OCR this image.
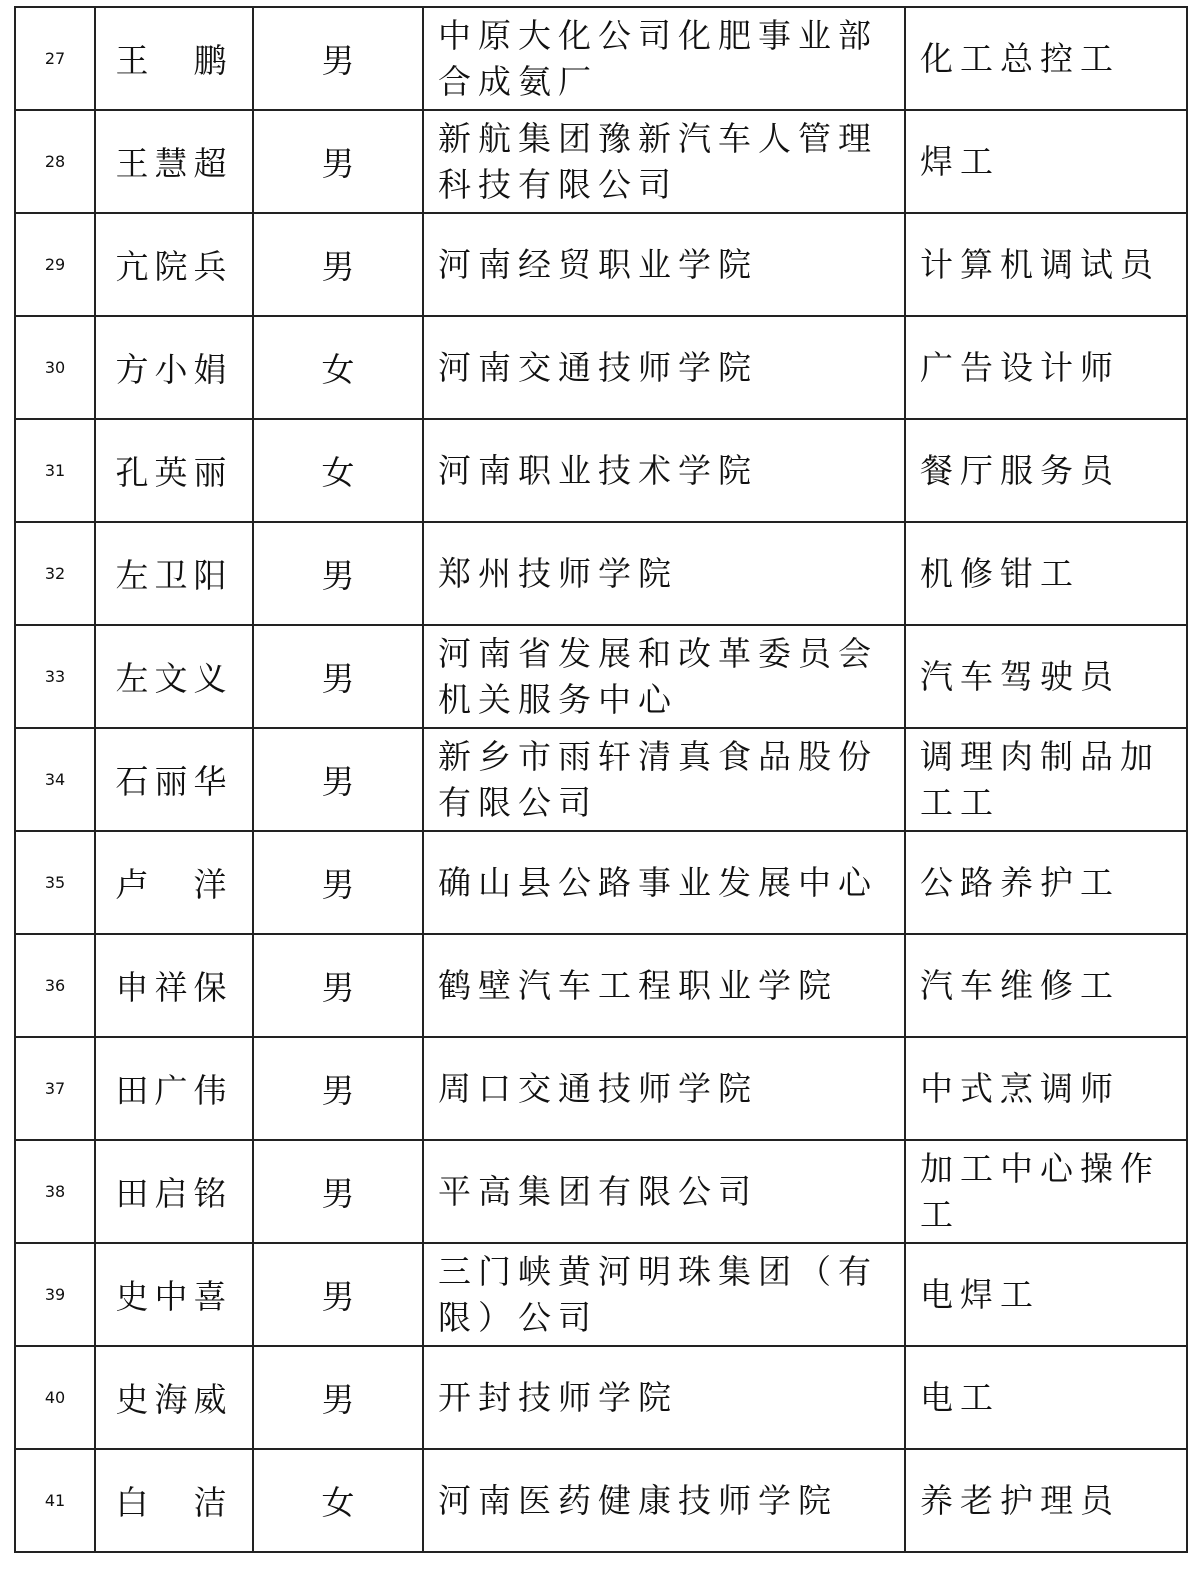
27	王　鹏	男	中原大化公司化肥事业部合成氨厂	化工总控工

28	王慧超	男	新航集团豫新汽车人管理科技有限公司	焊工

29	亢院兵	男	河南经贸职业学院	计算机调试员

30	方小娟	女	河南交通技师学院	广告设计师

31	孔英丽	女	河南职业技术学院	餐厅服务员

32	左卫阳	男	郑州技师学院	机修钳工

33	左文义	男	河南省发展和改革委员会机关服务中心	汽车驾驶员

34	石丽华	男	新乡市雨轩清真食品股份有限公司	调理肉制品加工工

35	卢　洋	男	确山县公路事业发展中心	公路养护工

36	申祥保	男	鹤壁汽车工程职业学院	汽车维修工

37	田广伟	男	周口交通技师学院	中式烹调师

38	田启铭	男	平高集团有限公司	加工中心操作工

39	史中喜	男	三门峡黄河明珠集团（有限）公司	电焊工

40	史海威	男	开封技师学院	电工

41	白　洁	女	河南医药健康技师学院	养老护理员
